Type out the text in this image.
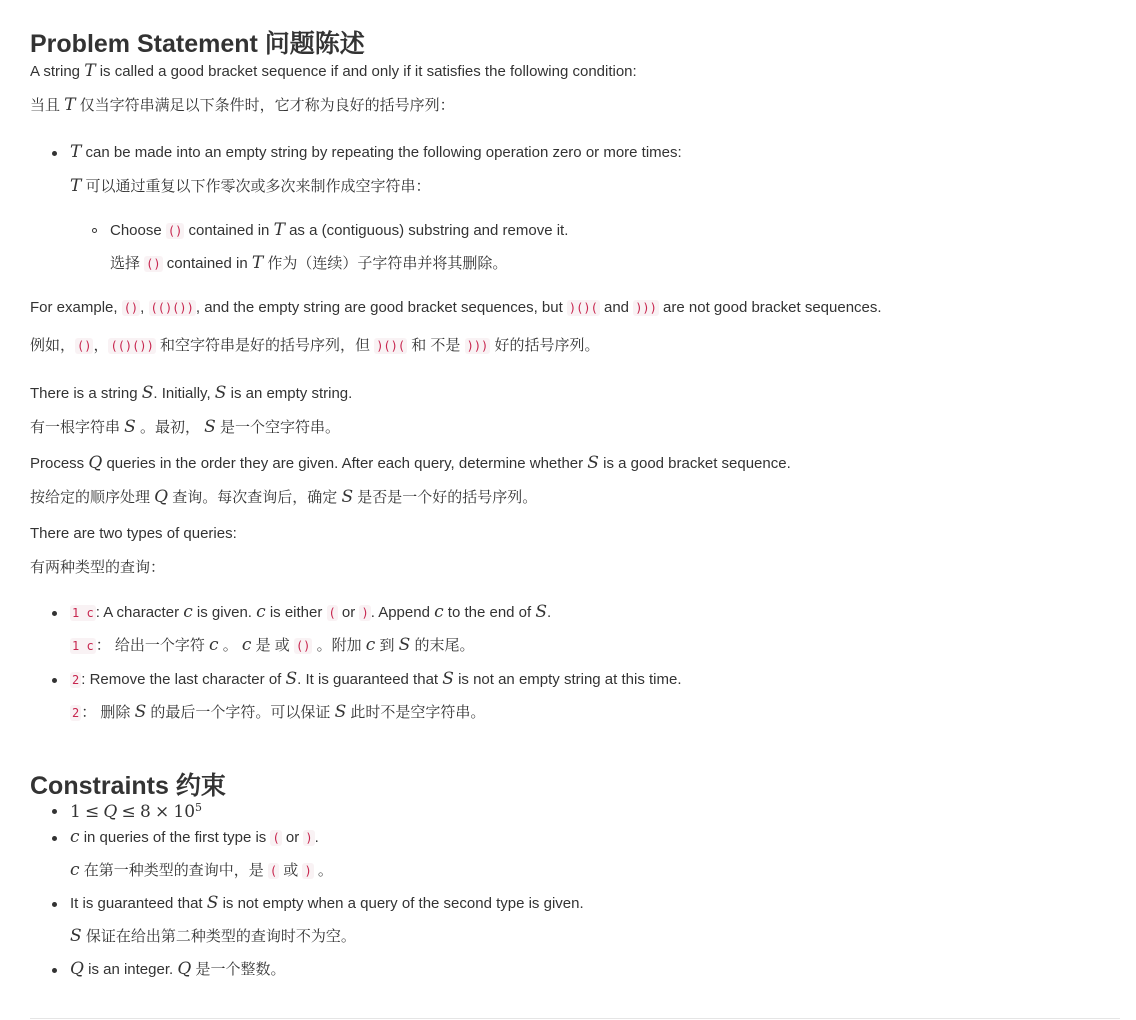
Problem Statement 问题陈述
A string T is called a good bracket sequence if and only if it satisfies the following condition:
当且 T 仅当字符串满足以下条件时，它才称为良好的括号序列：
T can be made into an empty string by repeating the following operation zero or more times:
T 可以通过重复以下作零次或多次来制作成空字符串：
Choose () contained in T as a (contiguous) substring and remove it.
选择 () contained in T 作为（连续）子字符串并将其删除。
For example, () , (()()) , and the empty string are good bracket sequences, but )()( and ))) are not good bracket sequences.
例如， () ， (()()) 和空字符串是好的括号序列，但 )()( 和 不是 ))) 好的括号序列。
There is a string S. Initially, S is an empty string.
有一根字符串 S 。最初， S 是一个空字符串。
Process Q queries in the order they are given. After each query, determine whether S is a good bracket sequence.
按给定的顺序处理 Q 查询。每次查询后，确定 S 是否是一个好的括号序列。
There are two types of queries:
有两种类型的查询：
1 c : A character c is given. c is either ( or ) . Append c to the end of S.
1 c ： 给出一个字符 c 。 c 是 或 () 。附加 c 到 S 的末尾。
2 : Remove the last character of S. It is guaranteed that S is not an empty string at this time.
2 ： 删除 S 的最后一个字符。可以保证 S 此时不是空字符串。
Constraints 约束
$1 \le Q \le 8 \times 10^5$
c in queries of the first type is ( or ) .
c 在第一种类型的查询中，是 ( 或 ) 。
It is guaranteed that S is not empty when a query of the second type is given.
S 保证在给出第二种类型的查询时不为空。
Q is an integer. Q 是一个整数。
